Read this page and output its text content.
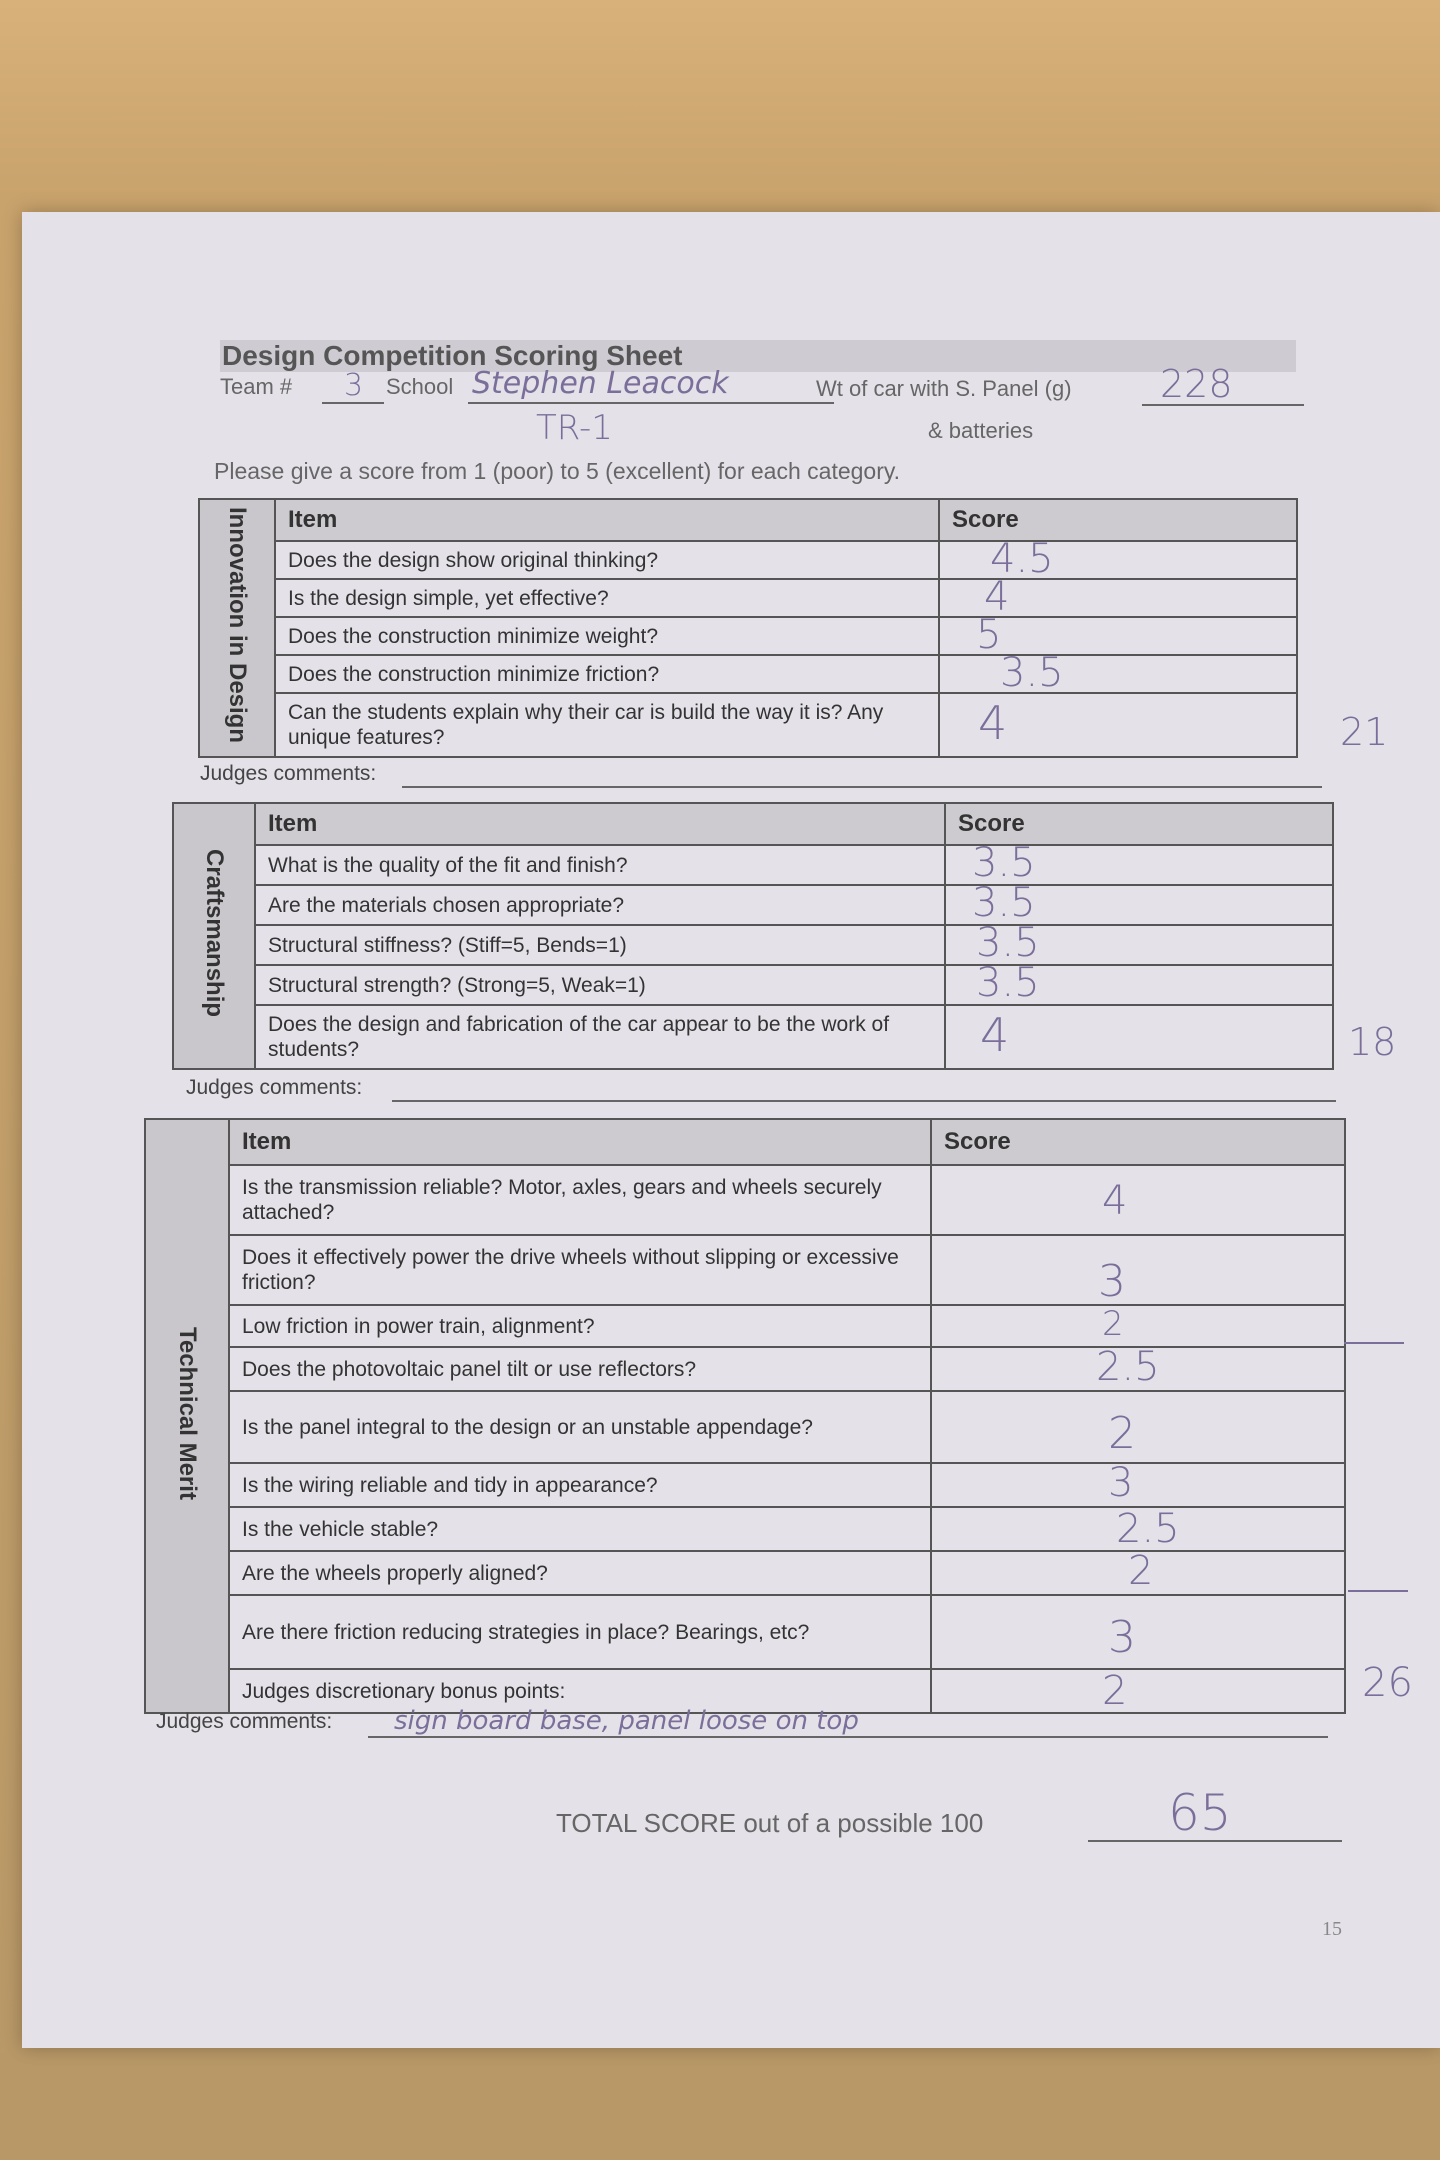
Design Competition Scoring Sheet
Team # 3 School Stephen Leacock	Wt of car with S. Panel (g) 228
& batteries
TR-1
Please give a score from 1 (poor) to 5 (excellent) for each category.
Innovation in Design	Item	Score
	Does the design show original thinking?	4.5

	Is the design simple, yet effective?	4

	Does the construction minimize weight?	5

	Does the construction minimize friction?	3.5

	Can the students explain why their car is build the way it is? Any unique features?	4	21
Judges comments:
Craftsmanship	Item	Score
	What is the quality of the fit and finish?	3.5

	Are the materials chosen appropriate?	3.5

	Structural stiffness? (Stiff=5, Bends=1)	3.5

	Structural strength? (Strong=5, Weak=1)	3.5

	Does the design and fabrication of the car appear to be the work of students?	4	18
Judges comments:
Technical Merit	Item	Score
	Is the transmission reliable? Motor, axles, gears and wheels securely attached?	4

	Does it effectively power the drive wheels without slipping or excessive friction?	3

	Low friction in power train, alignment?	2

	Does the photovoltaic panel tilt or use reflectors?	2.5

	Is the panel integral to the design or an unstable appendage?	2

	Is the wiring reliable and tidy in appearance?	3

	Is the vehicle stable?	2.5

	Are the wheels properly aligned?	2

	Are there friction reducing strategies in place? Bearings, etc?	3

	Judges discretionary bonus points:	2	26
Judges comments: sign board base, panel loose on top
TOTAL SCORE out of a possible 100	65
15
